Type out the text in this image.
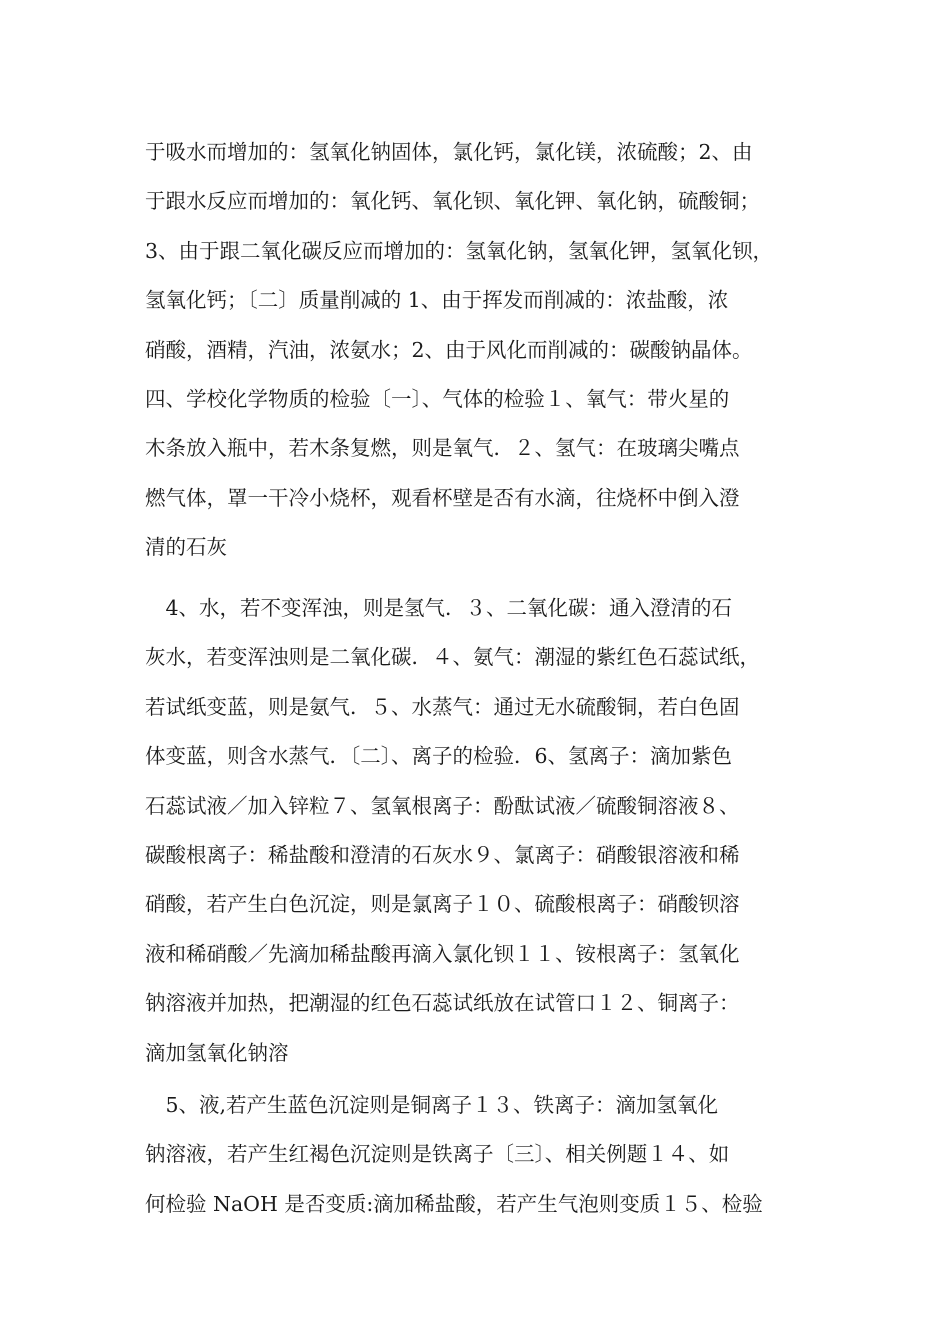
于吸水而增加的：氢氧化钠固体，氯化钙，氯化镁，浓硫酸；2、由
于跟水反应而增加的：氧化钙、氧化钡、氧化钾、氧化钠，硫酸铜；
3、由于跟二氧化碳反应而增加的：氢氧化钠，氢氧化钾，氢氧化钡，
氢氧化钙；〔二〕质量削减的 1、由于挥发而削减的：浓盐酸，浓
硝酸，酒精，汽油，浓氨水；2、由于风化而削减的：碳酸钠晶体。
四、学校化学物质的检验〔一〕、气体的检验１、氧气：带火星的
木条放入瓶中，若木条复燃，则是氧气．２、氢气：在玻璃尖嘴点
燃气体，罩一干冷小烧杯，观看杯壁是否有水滴，往烧杯中倒入澄
清的石灰
　4、水，若不变浑浊，则是氢气．３、二氧化碳：通入澄清的石
灰水，若变浑浊则是二氧化碳．４、氨气：潮湿的紫红色石蕊试纸，
若试纸变蓝，则是氨气．５、水蒸气：通过无水硫酸铜，若白色固
体变蓝，则含水蒸气．〔二〕、离子的检验．6、氢离子：滴加紫色
石蕊试液／加入锌粒７、氢氧根离子：酚酞试液／硫酸铜溶液８、
碳酸根离子：稀盐酸和澄清的石灰水９、氯离子：硝酸银溶液和稀
硝酸，若产生白色沉淀，则是氯离子１０、硫酸根离子：硝酸钡溶
液和稀硝酸／先滴加稀盐酸再滴入氯化钡１１、铵根离子：氢氧化
钠溶液并加热，把潮湿的红色石蕊试纸放在试管口１２、铜离子：
滴加氢氧化钠溶
　5、液,若产生蓝色沉淀则是铜离子１３、铁离子：滴加氢氧化
钠溶液，若产生红褐色沉淀则是铁离子〔三〕、相关例题１４、如
何检验 NaOH 是否变质:滴加稀盐酸，若产生气泡则变质１５、检验
